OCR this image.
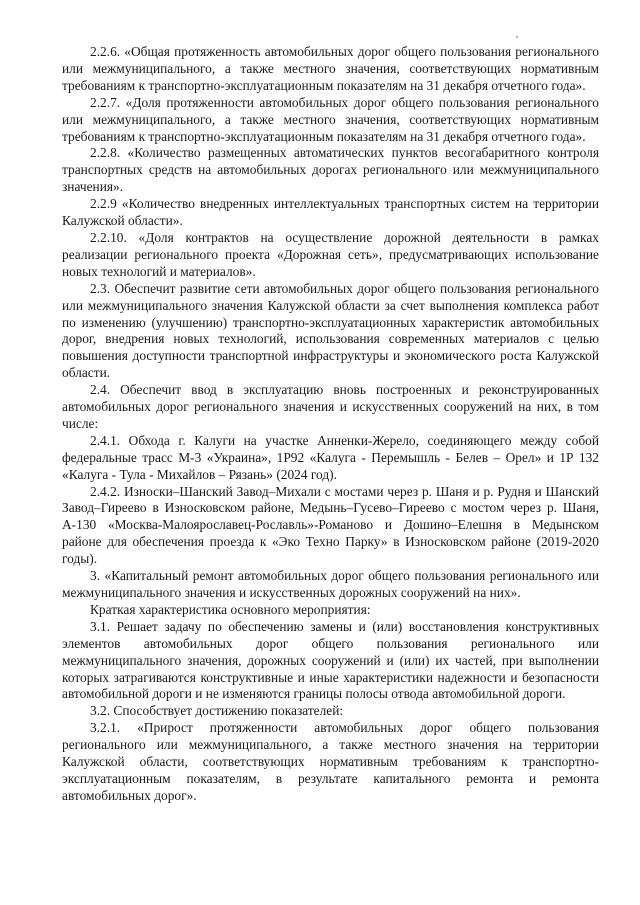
2.2.6. «Общая протяженность автомобильных дорог общего пользования регионального или межмуниципального, а также местного значения, соответствующих нормативным требованиям к транспортно-эксплуатационным показателям на 31 декабря отчетного года».

2.2.7. «Доля протяженности автомобильных дорог общего пользования регионального или межмуниципального, а также местного значения, соответствующих нормативным требованиям к транспортно-эксплуатационным показателям на 31 декабря отчетного года».

2.2.8. «Количество размещенных автоматических пунктов весогабаритного контроля транспортных средств на автомобильных дорогах регионального или межмуниципального значения».

2.2.9 «Количество внедренных интеллектуальных транспортных систем на территории Калужской области».

2.2.10. «Доля контрактов на осуществление дорожной деятельности в рамках реализации регионального проекта «Дорожная сеть», предусматривающих использование новых технологий и материалов».

2.3. Обеспечит развитие сети автомобильных дорог общего пользования регионального или межмуниципального значения Калужской области за счет выполнения комплекса работ по изменению (улучшению) транспортно-эксплуатационных характеристик автомобильных дорог, внедрения новых технологий, использования современных материалов с целью повышения доступности транспортной инфраструктуры и экономического роста Калужской области.

2.4. Обеспечит ввод в эксплуатацию вновь построенных и реконструированных автомобильных дорог регионального значения и искусственных сооружений на них, в том числе:

2.4.1. Обхода г. Калуги на участке Анненки-Жерело, соединяющего между собой федеральные трасс М-3 «Украина», 1Р92 «Калуга - Перемышль - Белев – Орел» и 1Р 132 «Калуга - Тула - Михайлов – Рязань» (2024 год).

2.4.2. Износки–Шанский Завод–Михали с мостами через р. Шаня и р. Рудня и Шанский Завод–Гиреево в Износковском районе, Медынь–Гусево–Гиреево с мостом через р. Шаня, А-130 «Москва-Малоярославец-Рославль»-Романово и Дошино–Елешня в Медынском районе для обеспечения проезда к «Эко Техно Парку» в Износковском районе (2019-2020 годы).

3. «Капитальный ремонт автомобильных дорог общего пользования регионального или межмуниципального значения и искусственных дорожных сооружений на них».

Краткая характеристика основного мероприятия:

3.1. Решает задачу по обеспечению замены и (или) восстановления конструктивных элементов автомобильных дорог общего пользования регионального или межмуниципального значения, дорожных сооружений и (или) их частей, при выполнении которых затрагиваются конструктивные и иные характеристики надежности и безопасности автомобильной дороги и не изменяются границы полосы отвода автомобильной дороги.

3.2. Способствует достижению показателей:

3.2.1. «Прирост протяженности автомобильных дорог общего пользования регионального или межмуниципального, а также местного значения на территории Калужской области, соответствующих нормативным требованиям к транспортно-эксплуатационным показателям, в результате капитального ремонта и ремонта автомобильных дорог».
